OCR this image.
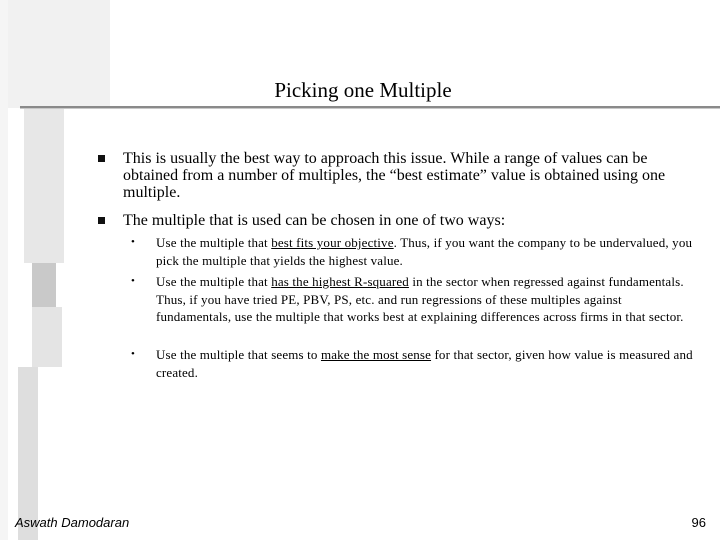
Picking one Multiple
This is usually the best way to approach this issue. While a range of values can be obtained from a number of multiples, the “best estimate” value is obtained using one multiple.
The multiple that is used can be chosen in one of two ways:
• Use the multiple that best fits your objective. Thus, if you want the company to be undervalued, you pick the multiple that yields the highest value.
• Use the multiple that has the highest R-squared in the sector when regressed against fundamentals. Thus, if you have tried PE, PBV, PS, etc. and run regressions of these multiples against fundamentals, use the multiple that works best at explaining differences across firms in that sector.
• Use the multiple that seems to make the most sense for that sector, given how value is measured and created.
Aswath Damodaran	96
